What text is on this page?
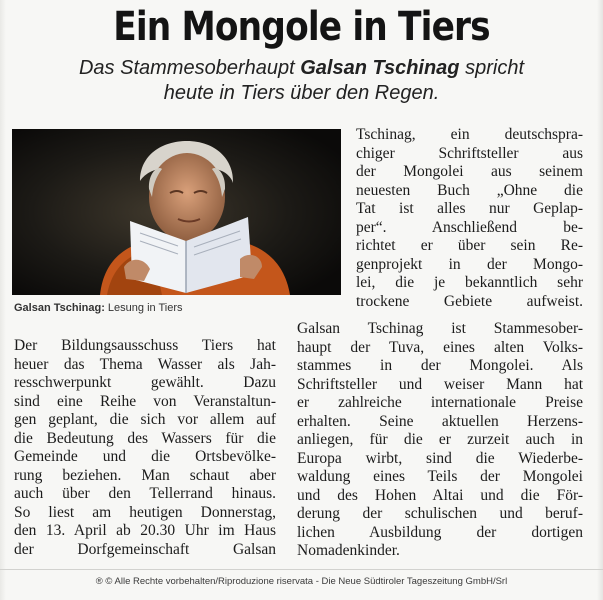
Ein Mongole in Tiers
Das Stammesoberhaupt Galsan Tschinag spricht
heute in Tiers über den Regen.
Galsan Tschinag: Lesung in Tiers
Der Bildungsausschuss Tiers hat
heuer das Thema Wasser als Jah-
resschwerpunkt gewählt. Dazu
sind eine Reihe von Veranstaltun-
gen geplant, die sich vor allem auf
die Bedeutung des Wassers für die
Gemeinde und die Ortsbevölke-
rung beziehen. Man schaut aber
auch über den Tellerrand hinaus.
So liest am heutigen Donnerstag,
den 13. April ab 20.30 Uhr im Haus
der Dorfgemeinschaft Galsan
Tschinag, ein deutschspra-
chiger Schriftsteller aus
der Mongolei aus seinem
neuesten Buch „Ohne die
Tat ist alles nur Geplap-
per“. Anschließend be-
richtet er über sein Re-
genprojekt in der Mongo-
lei, die je bekanntlich sehr
trockene Gebiete aufweist.
Galsan Tschinag ist Stammesober-
haupt der Tuva, eines alten Volks-
stammes in der Mongolei. Als
Schriftsteller und weiser Mann hat
er zahlreiche internationale Preise
erhalten. Seine aktuellen Herzens-
anliegen, für die er zurzeit auch in
Europa wirbt, sind die Wiederbe-
waldung eines Teils der Mongolei
und des Hohen Altai und die För-
derung der schulischen und beruf-
lichen Ausbildung der dortigen
Nomadenkinder.
® © Alle Rechte vorbehalten/Riproduzione riservata - Die Neue Südtiroler Tageszeitung GmbH/Srl
